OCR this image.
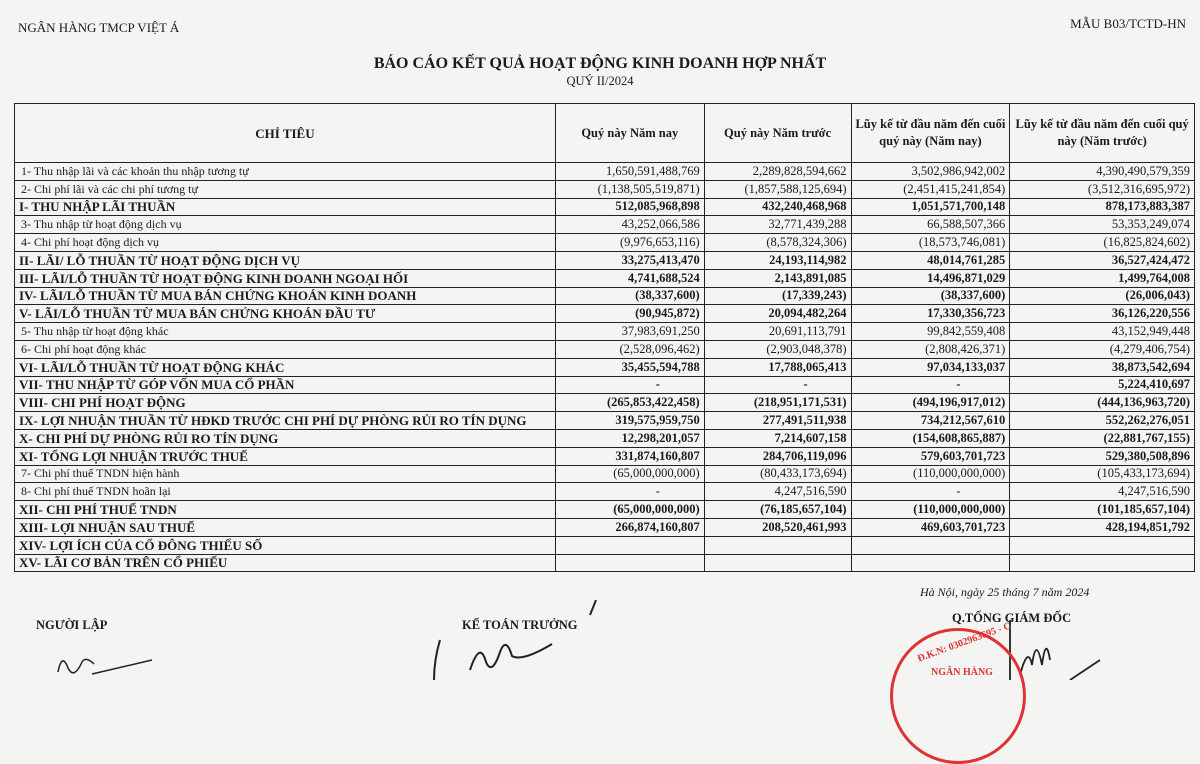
NGÂN HÀNG TMCP VIỆT Á	MẪU B03/TCTD-HN
BÁO CÁO KẾT QUẢ HOẠT ĐỘNG KINH DOANH HỢP NHẤT
QUÝ II/2024
CHỈ TIÊU	Quý này Năm nay	Quý này Năm trước	Lũy kế từ đầu năm đến cuối quý này (Năm nay)	Lũy kế từ đầu năm đến cuối quý này (Năm trước)
1- Thu nhập lãi và các khoản thu nhập tương tự	1,650,591,488,769	2,289,828,594,662	3,502,986,942,002	4,390,490,579,359
2- Chi phí lãi và các chi phí tương tự	(1,138,505,519,871)	(1,857,588,125,694)	(2,451,415,241,854)	(3,512,316,695,972)
I- THU NHẬP LÃI THUẦN	512,085,968,898	432,240,468,968	1,051,571,700,148	878,173,883,387
3- Thu nhập từ hoạt động dịch vụ	43,252,066,586	32,771,439,288	66,588,507,366	53,353,249,074
4- Chi phí hoạt động dịch vụ	(9,976,653,116)	(8,578,324,306)	(18,573,746,081)	(16,825,824,602)
II- LÃI/ LỖ THUẦN TỪ HOẠT ĐỘNG DỊCH VỤ	33,275,413,470	24,193,114,982	48,014,761,285	36,527,424,472
III- LÃI/LỖ THUẦN TỪ HOẠT ĐỘNG KINH DOANH NGOẠI HỐI	4,741,688,524	2,143,891,085	14,496,871,029	1,499,764,008
IV- LÃI/LỖ THUẦN TỪ MUA BÁN CHỨNG KHOÁN KINH DOANH	(38,337,600)	(17,339,243)	(38,337,600)	(26,006,043)
V- LÃI/LỖ THUẦN TỪ MUA BÁN CHỨNG KHOÁN ĐẦU TƯ	(90,945,872)	20,094,482,264	17,330,356,723	36,126,220,556
5- Thu nhập từ hoạt động khác	37,983,691,250	20,691,113,791	99,842,559,408	43,152,949,448
6- Chi phí hoạt động khác	(2,528,096,462)	(2,903,048,378)	(2,808,426,371)	(4,279,406,754)
VI- LÃI/LỖ THUẦN TỪ HOẠT ĐỘNG KHÁC	35,455,594,788	17,788,065,413	97,034,133,037	38,873,542,694
VII- THU NHẬP TỪ GÓP VỐN MUA CỔ PHẦN	-	-	-	5,224,410,697
VIII- CHI PHÍ HOẠT ĐỘNG	(265,853,422,458)	(218,951,171,531)	(494,196,917,012)	(444,136,963,720)
IX- LỢI NHUẬN THUẦN TỪ HĐKD TRƯỚC CHI PHÍ DỰ PHÒNG RỦI RO TÍN DỤNG	319,575,959,750	277,491,511,938	734,212,567,610	552,262,276,051
X- CHI PHÍ DỰ PHÒNG RỦI RO TÍN DỤNG	12,298,201,057	7,214,607,158	(154,608,865,887)	(22,881,767,155)
XI- TỔNG LỢI NHUẬN TRƯỚC THUẾ	331,874,160,807	284,706,119,096	579,603,701,723	529,380,508,896
7- Chi phí thuế TNDN hiện hành	(65,000,000,000)	(80,433,173,694)	(110,000,000,000)	(105,433,173,694)
8- Chi phí thuế TNDN hoãn lại	-	4,247,516,590	-	4,247,516,590
XII- CHI PHÍ THUẾ TNDN	(65,000,000,000)	(76,185,657,104)	(110,000,000,000)	(101,185,657,104)
XIII- LỢI NHUẬN SAU THUẾ	266,874,160,807	208,520,461,993	469,603,701,723	428,194,851,792
XIV- LỢI ÍCH CỦA CỔ ĐÔNG THIỂU SỐ				
XV- LÃI CƠ BẢN TRÊN CỔ PHIẾU				
Hà Nội, ngày 25 tháng 7 năm 2024
NGƯỜI LẬP	KẾ TOÁN TRƯỞNG	Q.TỔNG GIÁM ĐỐC
Đ.K.N: 0302963695 - C
NGÂN HÀNG
